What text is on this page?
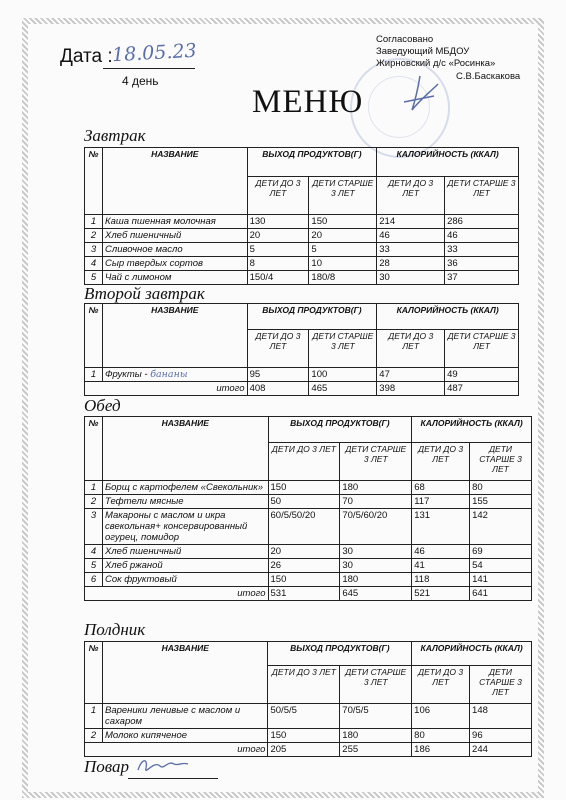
Дата :
18.05.23
4 день
Согласовано
Заведующий МБДОУ
Жирновский д/с «Росинка»
С.В.Баскакова
МЕНЮ
Завтрак
№	НАЗВАНИЕ	ВЫХОД ПРОДУКТОВ(Г)		КАЛОРИЙНОСТЬ (ККАЛ)	
		ДЕТИ ДО 3 ЛЕТ	ДЕТИ СТАРШЕ 3 ЛЕТ	ДЕТИ ДО 3 ЛЕТ	ДЕТИ СТАРШЕ 3 ЛЕТ
1	Каша пшенная молочная	130	150	214	286
2	Хлеб пшеничный	20	20	46	46
3	Сливочное масло	5	5	33	33
4	Сыр твердых сортов	8	10	28	36
5	Чай с лимоном	150/4	180/8	30	37
Второй завтрак
№	НАЗВАНИЕ	ВЫХОД ПРОДУКТОВ(Г)		КАЛОРИЙНОСТЬ (ККАЛ)	
		ДЕТИ ДО 3 ЛЕТ	ДЕТИ СТАРШЕ 3 ЛЕТ	ДЕТИ ДО 3 ЛЕТ	ДЕТИ СТАРШЕ 3 ЛЕТ
1	Фрукты - бананы	95	100	47	49
итого		408	465	398	487
Обед
№	НАЗВАНИЕ	ВЫХОД ПРОДУКТОВ(Г)		КАЛОРИЙНОСТЬ (ККАЛ)	
		ДЕТИ ДО 3 ЛЕТ	ДЕТИ СТАРШЕ 3 ЛЕТ	ДЕТИ ДО 3 ЛЕТ	ДЕТИ СТАРШЕ 3 ЛЕТ
1	Борщ с картофелем «Свекольник»	150	180	68	80
2	Тефтели мясные	50	70	117	155
3	Макароны с маслом и икра свекольная+ консервированный огурец, помидор	60/5/50/20	70/5/60/20	131	142
4	Хлеб пшеничный	20	30	46	69
5	Хлеб ржаной	26	30	41	54
6	Сок фруктовый	150	180	118	141
итого		531	645	521	641
Полдник
№	НАЗВАНИЕ	ВЫХОД ПРОДУКТОВ(Г)		КАЛОРИЙНОСТЬ (ККАЛ)	
		ДЕТИ ДО 3 ЛЕТ	ДЕТИ СТАРШЕ 3 ЛЕТ	ДЕТИ ДО 3 ЛЕТ	ДЕТИ СТАРШЕ 3 ЛЕТ
1	Вареники ленивые с маслом и сахаром	50/5/5	70/5/5	106	148
2	Молоко кипяченое	150	180	80	96
итого		205	255	186	244
Повар
